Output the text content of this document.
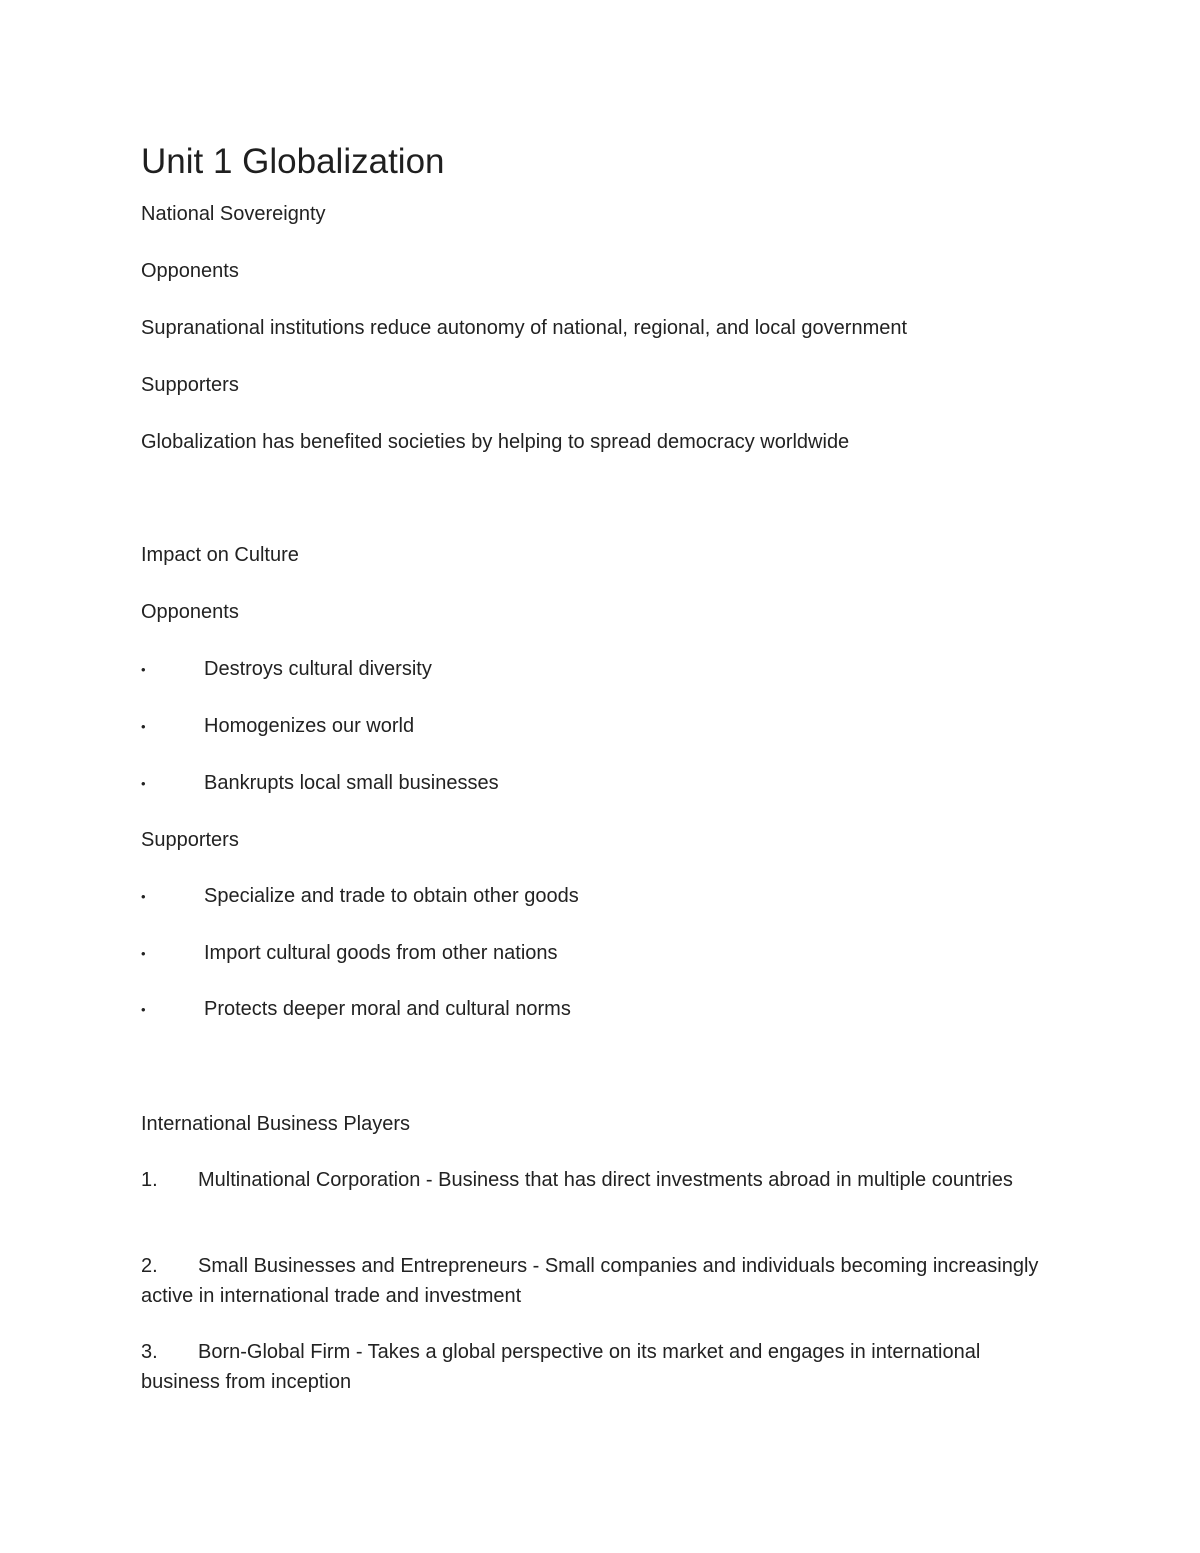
Unit 1 Globalization
National Sovereignty
Opponents
Supranational institutions reduce autonomy of national, regional, and local government
Supporters
Globalization has benefited societies by helping to spread democracy worldwide
Impact on Culture
Opponents
•	Destroys cultural diversity
•	Homogenizes our world
•	Bankrupts local small businesses
Supporters
•	Specialize and trade to obtain other goods
•	Import cultural goods from other nations
•	Protects deeper moral and cultural norms
International Business Players
1. Multinational Corporation - Business that has direct investments abroad in multiple countries
2. Small Businesses and Entrepreneurs - Small companies and individuals becoming increasingly active in international trade and investment
3. Born-Global Firm - Takes a global perspective on its market and engages in international business from inception
